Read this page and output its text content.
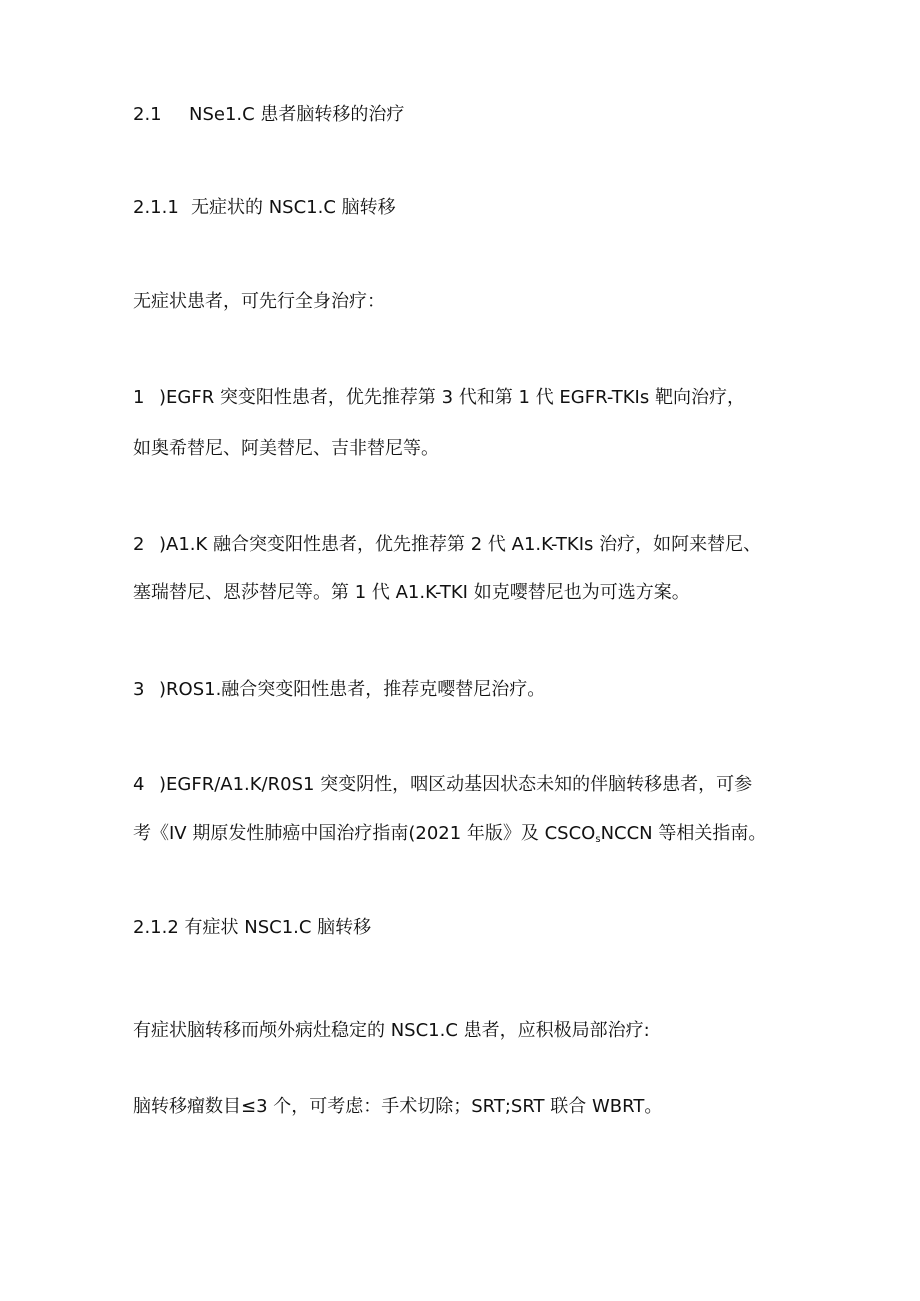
2.1 NSe1.C 患者脑转移的治疗
2.1.1 无症状的 NSC1.C 脑转移
无症状患者，可先行全身治疗：
1 )EGFR 突变阳性患者，优先推荐第 3 代和第 1 代 EGFR-TKIs 靶向治疗，
如奥希替尼、阿美替尼、吉非替尼等。
2 )A1.K 融合突变阳性患者，优先推荐第 2 代 A1.K-TKIs 治疗，如阿来替尼、
塞瑞替尼、恩莎替尼等。第 1 代 A1.K-TKI 如克嘤替尼也为可选方案。
3 )ROS1.融合突变阳性患者，推荐克嘤替尼治疗。
4 )EGFR/A1.K/R0S1 突变阴性，咽区动基因状态未知的伴脑转移患者，可参
考《IV 期原发性肺癌中国治疗指南(2021 年版》及 $CSCO_sNCCN$ 等相关指南。
2.1.2 有症状 NSC1.C 脑转移
有症状脑转移而颅外病灶稳定的 NSC1.C 患者，应积极局部治疗:
脑转移瘤数目≤3 个，可考虑：手术切除；SRT;SRT 联合 WBRT。
